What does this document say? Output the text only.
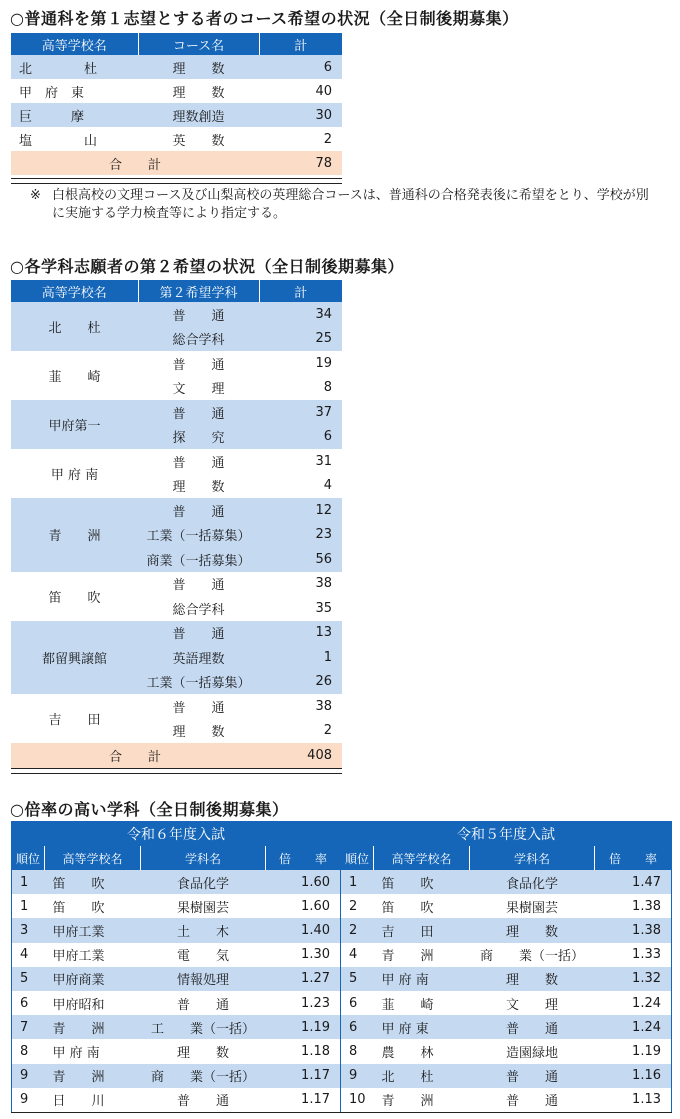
○普通科を第１志望とする者のコース希望の状況（全日制後期募集）
高等学校名	コース名	計
北　　　　杜	理　　数	6
甲　府　東	理　　数	40
巨　　　摩	理数創造	30
塩　　　　山	英　　数	2
合　　計		78
※ 白根高校の文理コース及び山梨高校の英理総合コースは、普通科の合格発表後に希望をとり、学校が別に実施する学力検査等により指定する。
○各学科志願者の第２希望の状況（全日制後期募集）
高等学校名	第２希望学科	計
北　　杜	普　　通	34
	総合学科	25
韮　　崎	普　　通	19
	文　　理	8
甲府第一	普　　通	37
	探　　究	6
甲 府 南	普　　通	31
	理　　数	4
青　　洲	普　　通	12
	工業（一括募集）	23
	商業（一括募集）	56
笛　　吹	普　　通	38
	総合学科	35
都留興譲館	普　　通	13
	英語理数	1
	工業（一括募集）	26
吉　　田	普　　通	38
	理　　数	2
合　　計		408
○倍率の高い学科（全日制後期募集）
令和６年度入試				令和５年度入試			
順位	高等学校名	学科名	倍　　率	順位	高等学校名	学科名	倍　　率
1	笛　　吹	食品化学	1.60	1	笛　　吹	食品化学	1.47
1	笛　　吹	果樹園芸	1.60	2	笛　　吹	果樹園芸	1.38
3	甲府工業	土　　木	1.40	2	吉　　田	理　　数	1.38
4	甲府工業	電　　気	1.30	4	青　　洲	商　　業（一括）	1.33
5	甲府商業	情報処理	1.27	5	甲 府 南	理　　数	1.32
6	甲府昭和	普　　通	1.23	6	韮　　崎	文　　理	1.24
7	青　　洲	工　　業（一括）	1.19	6	甲 府 東	普　　通	1.24
8	甲 府 南	理　　数	1.18	8	農　　林	造園緑地	1.19
9	青　　洲	商　　業（一括）	1.17	9	北　　杜	普　　通	1.16
9	日　　川	普　　通	1.17	10	青　　洲	普　　通	1.13
